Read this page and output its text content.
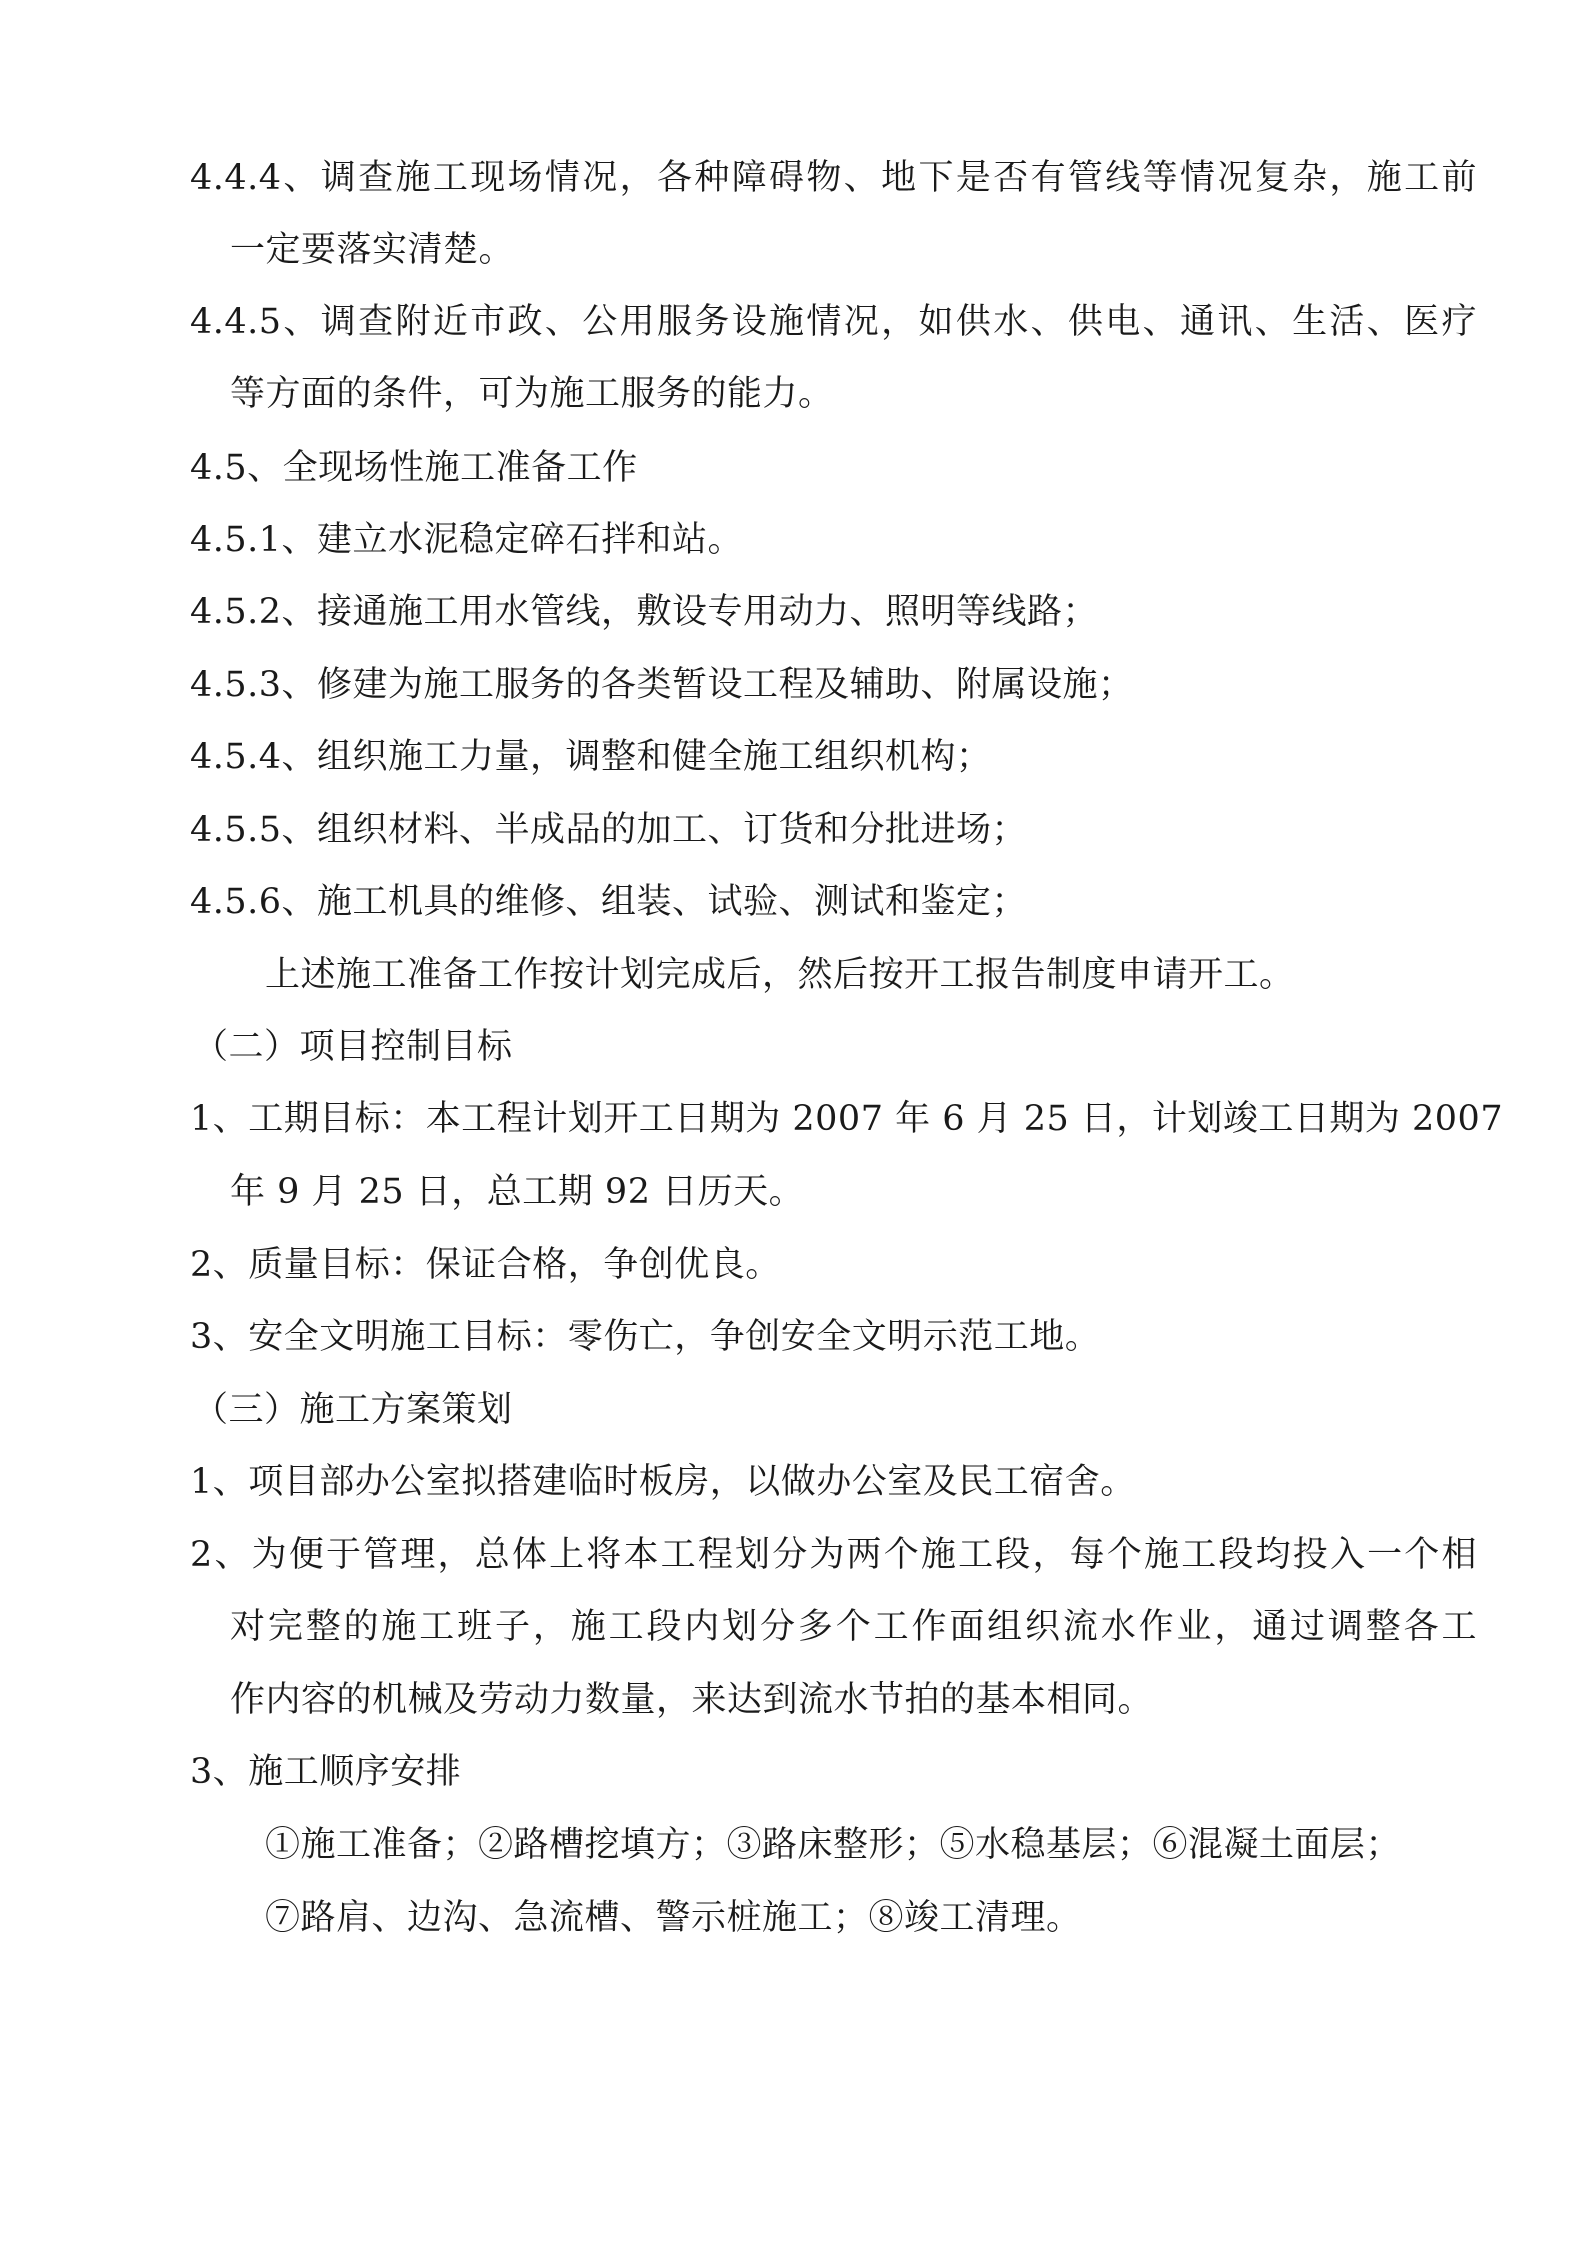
4.4.4、调查施工现场情况，各种障碍物、地下是否有管线等情况复杂，施工前
一定要落实清楚。
4.4.5、调查附近市政、公用服务设施情况，如供水、供电、通讯、生活、医疗
等方面的条件，可为施工服务的能力。
4.5、全现场性施工准备工作
4.5.1、建立水泥稳定碎石拌和站。
4.5.2、接通施工用水管线，敷设专用动力、照明等线路；
4.5.3、修建为施工服务的各类暂设工程及辅助、附属设施；
4.5.4、组织施工力量，调整和健全施工组织机构；
4.5.5、组织材料、半成品的加工、订货和分批进场；
4.5.6、施工机具的维修、组装、试验、测试和鉴定；
上述施工准备工作按计划完成后，然后按开工报告制度申请开工。
（二）项目控制目标
1、工期目标：本工程计划开工日期为 2007 年 6 月 25 日，计划竣工日期为 2007
年 9 月 25 日，总工期 92 日历天。
2、质量目标：保证合格，争创优良。
3、安全文明施工目标：零伤亡，争创安全文明示范工地。
（三）施工方案策划
1、项目部办公室拟搭建临时板房，以做办公室及民工宿舍。
2、为便于管理，总体上将本工程划分为两个施工段，每个施工段均投入一个相
对完整的施工班子，施工段内划分多个工作面组织流水作业，通过调整各工
作内容的机械及劳动力数量，来达到流水节拍的基本相同。
3、施工顺序安排
①施工准备；②路槽挖填方；③路床整形；⑤水稳基层；⑥混凝土面层；
⑦路肩、边沟、急流槽、警示桩施工；⑧竣工清理。
